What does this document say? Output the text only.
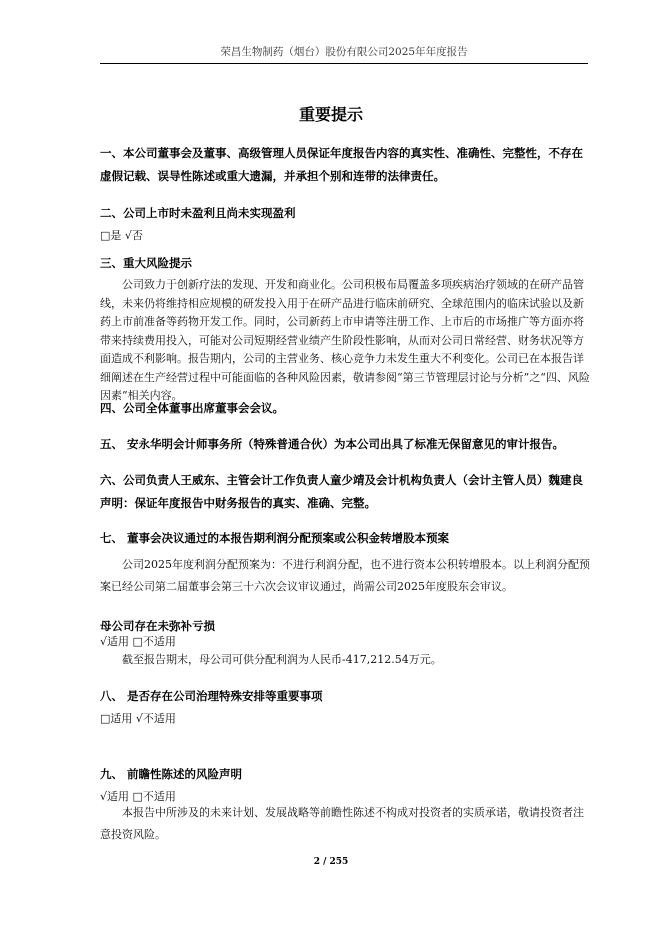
荣昌生物制药（烟台）股份有限公司2025年年度报告
重要提示
一、本公司董事会及董事、高级管理人员保证年度报告内容的真实性、准确性、完整性，不存在虚假记载、误导性陈述或重大遗漏，并承担个别和连带的法律责任。
二、公司上市时未盈利且尚未实现盈利
□是 √否
三、重大风险提示
公司致力于创新疗法的发现、开发和商业化。公司积极布局覆盖多项疾病治疗领域的在研产品管线，未来仍将维持相应规模的研发投入用于在研产品进行临床前研究、全球范围内的临床试验以及新药上市前准备等药物开发工作。同时，公司新药上市申请等注册工作、上市后的市场推广等方面亦将带来持续费用投入，可能对公司短期经营业绩产生阶段性影响，从而对公司日常经营、财务状况等方面造成不利影响。报告期内，公司的主营业务、核心竞争力未发生重大不利变化。公司已在本报告详细阐述在生产经营过程中可能面临的各种风险因素，敬请参阅“第三节管理层讨论与分析”之“四、风险因素”相关内容。
四、公司全体董事出席董事会会议。
五、 安永华明会计师事务所（特殊普通合伙）为本公司出具了标准无保留意见的审计报告。
六、公司负责人王威东、主管会计工作负责人童少靖及会计机构负责人（会计主管人员）魏建良声明：保证年度报告中财务报告的真实、准确、完整。
七、 董事会决议通过的本报告期利润分配预案或公积金转增股本预案
公司2025年度利润分配预案为：不进行利润分配，也不进行资本公积转增股本。以上利润分配预案已经公司第二届董事会第三十六次会议审议通过，尚需公司2025年度股东会审议。
母公司存在未弥补亏损
√适用 □不适用
截至报告期末，母公司可供分配利润为人民币-417,212.54万元。
八、 是否存在公司治理特殊安排等重要事项
□适用 √不适用
九、 前瞻性陈述的风险声明
√适用 □不适用
本报告中所涉及的未来计划、发展战略等前瞻性陈述不构成对投资者的实质承诺，敬请投资者注意投资风险。
2 / 255
